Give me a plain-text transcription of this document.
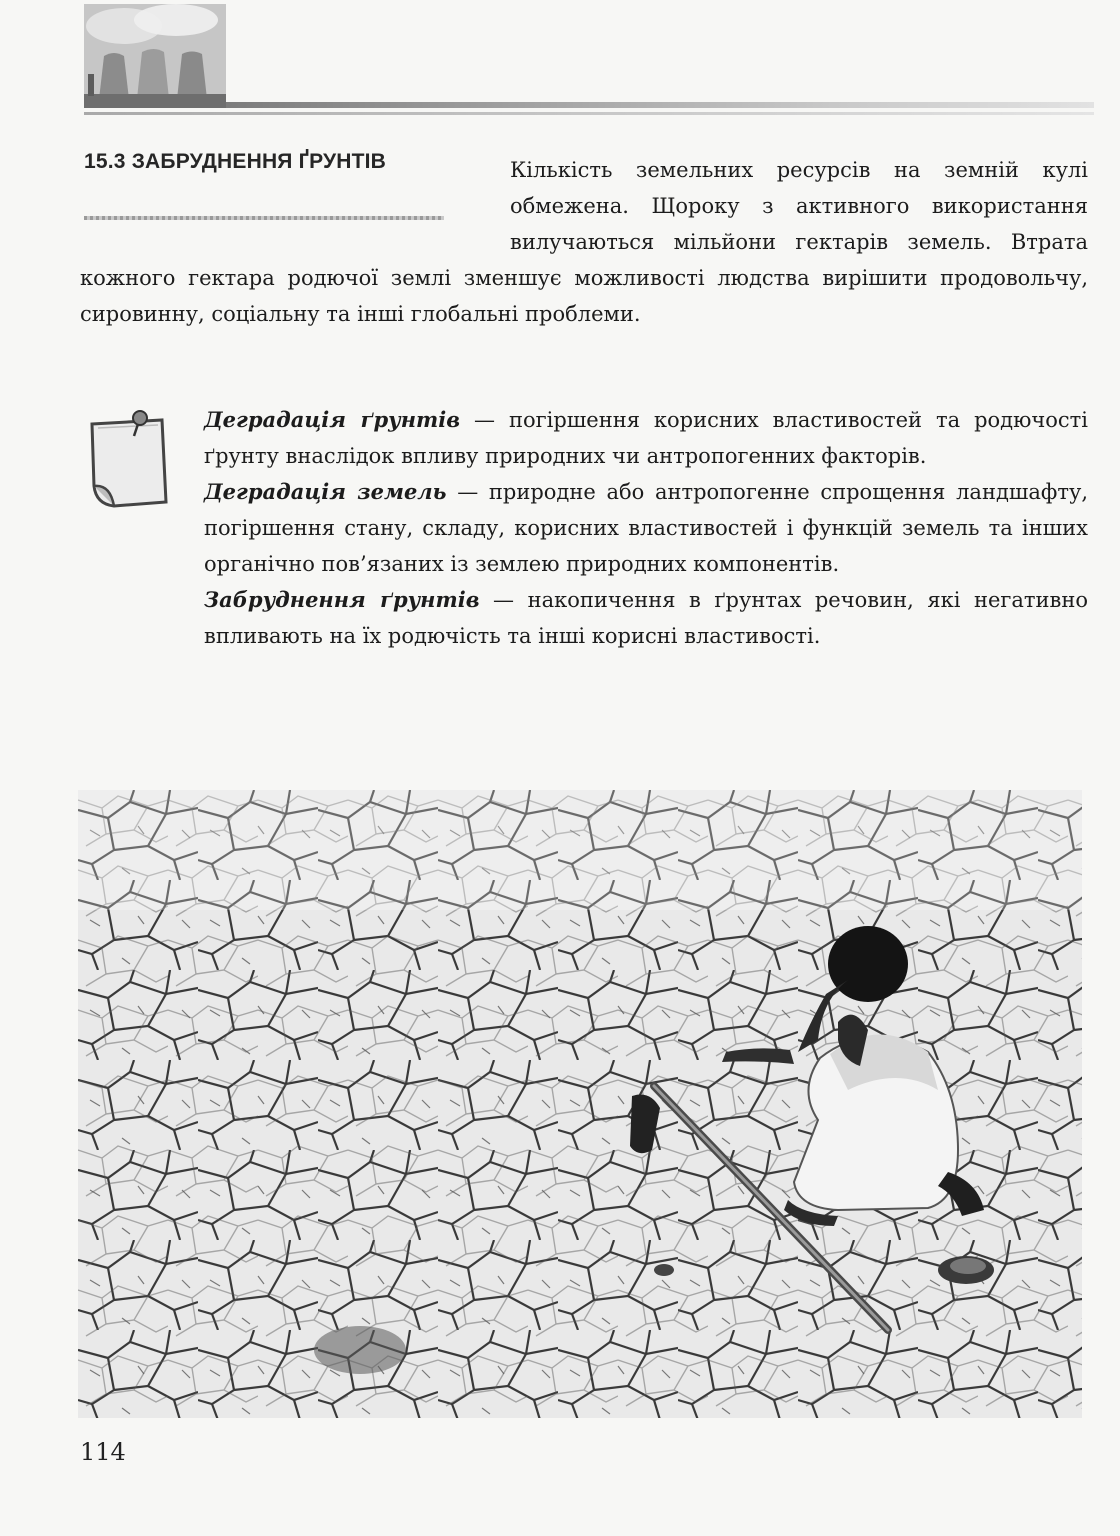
15.3 ЗАБРУДНЕННЯ ҐРУНТІВ	Кількість земельних ресурсів на земній кулі обмежена. Щороку з активного використання вилучаються мільйони гектарів земель. Втрата кожного гектара родючої землі зменшує можливості людства вирішити продовольчу, сировинну, соціальну та інші глобальні проблеми.

Деградація ґрунтів — погіршення корисних властивостей та родючості ґрунту внаслідок впливу природних чи антропогенних факторів.

Деградація земель — природне або антропогенне спрощення ландшафту, погіршення стану, складу, корисних властивостей і функцій земель та інших органічно пов’язаних із землею природних компонентів.

Забруднення ґрунтів — накопичення в ґрунтах речовин, які негативно впливають на їх родючість та інші корисні властивості.

114
